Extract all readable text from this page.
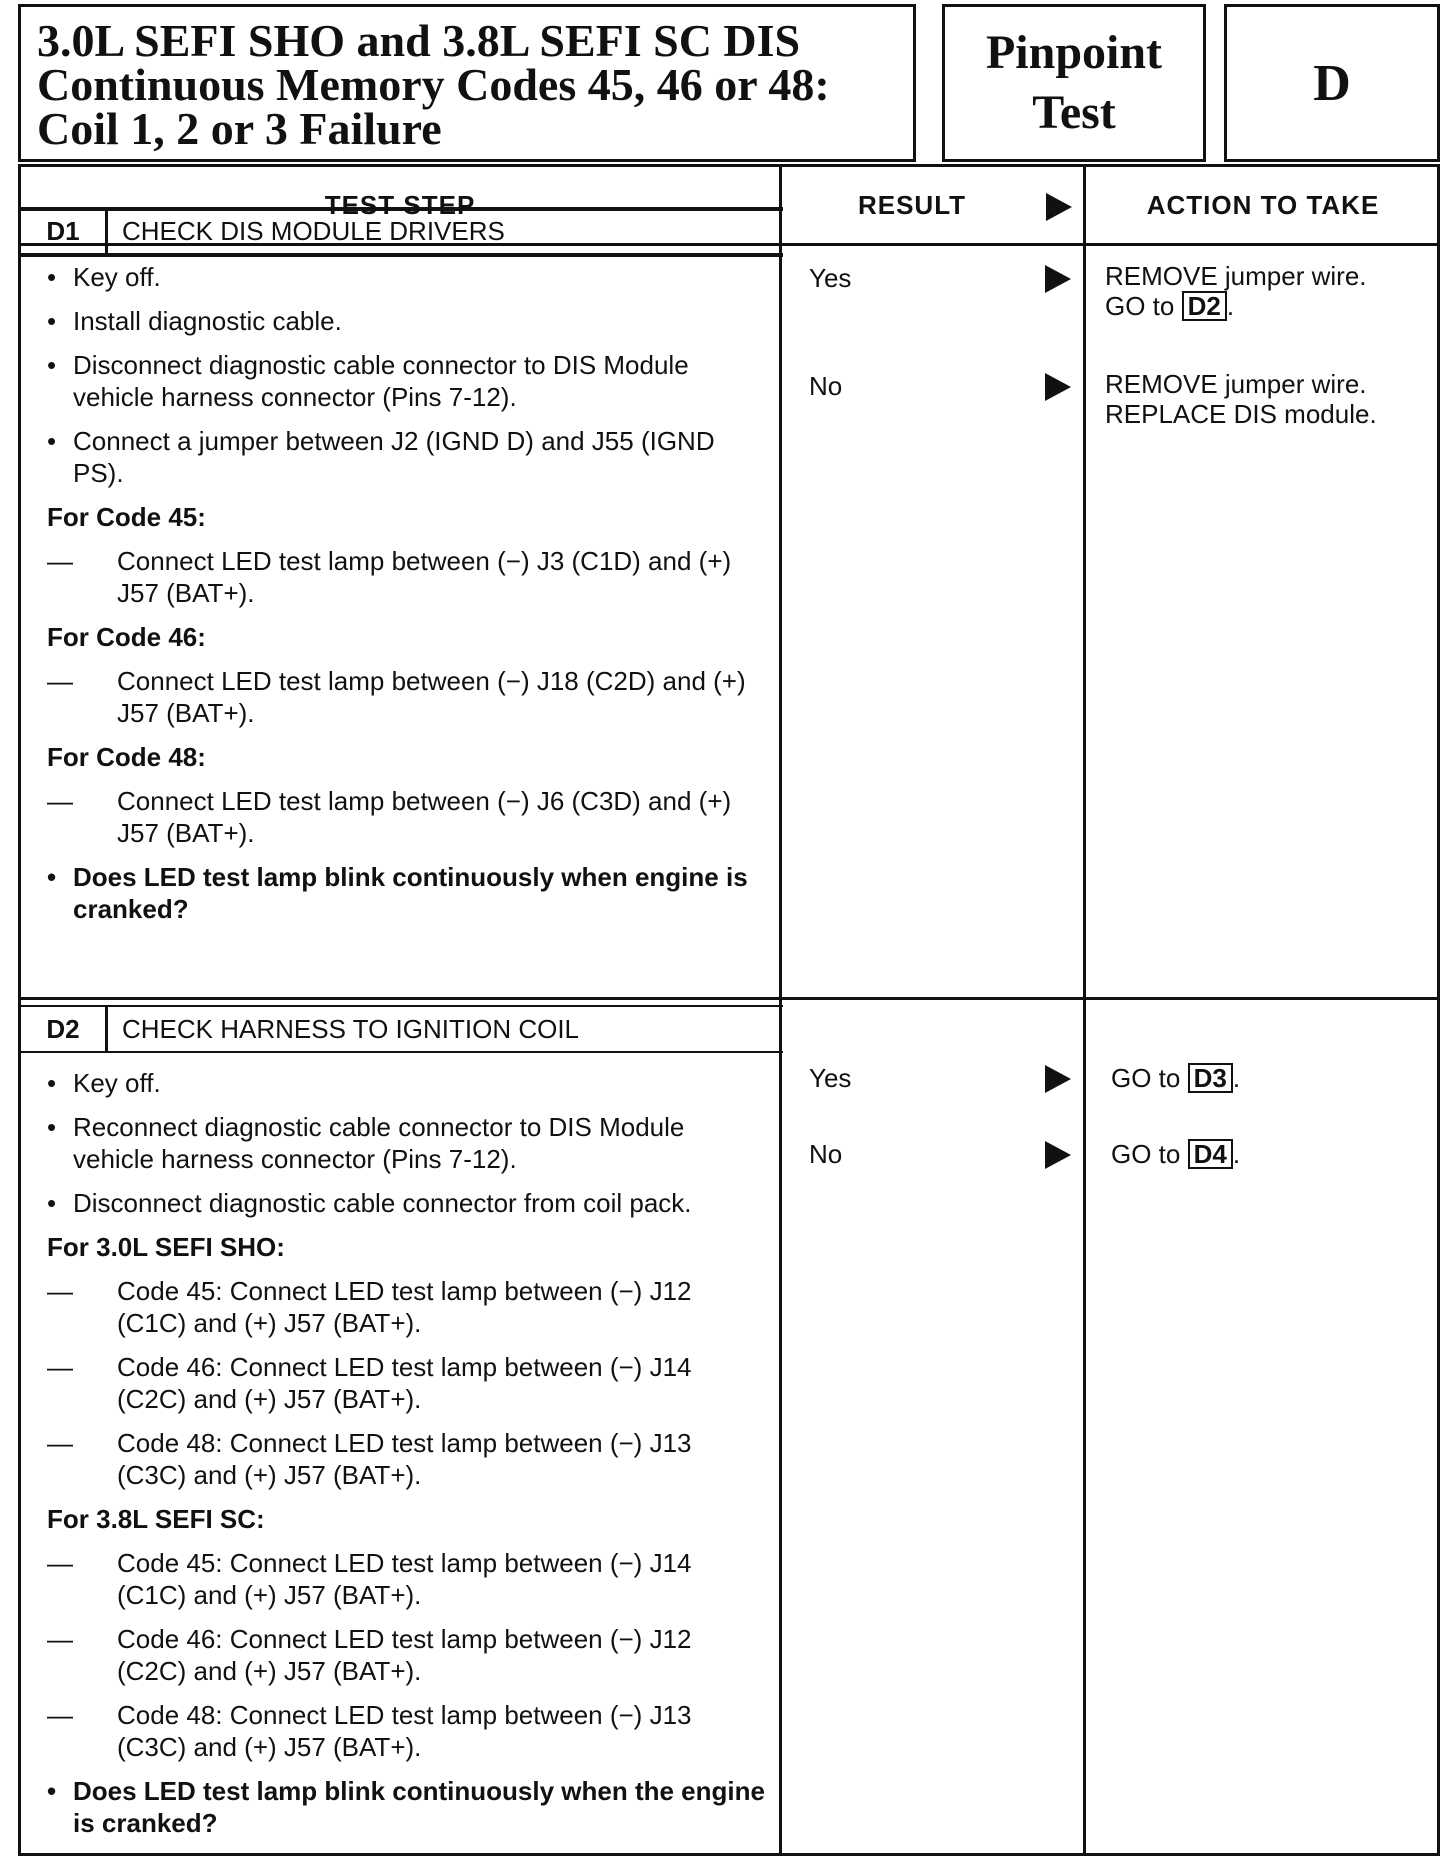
3.0L SEFI SHO and 3.8L SEFI SC DIS
Continuous Memory Codes 45, 46 or 48:
Coil 1, 2 or 3 Failure

Pinpoint
Test
D
TEST STEP	RESULT	ACTION TO TAKE
D1	CHECK DIS MODULE DRIVERS
• Key off.
• Install diagnostic cable.
• Disconnect diagnostic cable connector to DIS Module vehicle harness connector (Pins 7-12).
• Connect a jumper between J2 (IGND D) and J55 (IGND PS).
For Code 45:
— Connect LED test lamp between (−) J3 (C1D) and (+) J57 (BAT+).
For Code 46:
— Connect LED test lamp between (−) J18 (C2D) and (+) J57 (BAT+).
For Code 48:
— Connect LED test lamp between (−) J6 (C3D) and (+) J57 (BAT+).
• Does LED test lamp blink continuously when engine is cranked?
Yes	REMOVE jumper wire.
GO to D2 .
No	REMOVE jumper wire.
REPLACE DIS module.
D2	CHECK HARNESS TO IGNITION COIL
• Key off.
• Reconnect diagnostic cable connector to DIS Module vehicle harness connector (Pins 7-12).
• Disconnect diagnostic cable connector from coil pack.
For 3.0L SEFI SHO:
— Code 45: Connect LED test lamp between (−) J12 (C1C) and (+) J57 (BAT+).
— Code 46: Connect LED test lamp between (−) J14 (C2C) and (+) J57 (BAT+).
— Code 48: Connect LED test lamp between (−) J13 (C3C) and (+) J57 (BAT+).
For 3.8L SEFI SC:
— Code 45: Connect LED test lamp between (−) J14 (C1C) and (+) J57 (BAT+).
— Code 46: Connect LED test lamp between (−) J12 (C2C) and (+) J57 (BAT+).
— Code 48: Connect LED test lamp between (−) J13 (C3C) and (+) J57 (BAT+).
• Does LED test lamp blink continuously when the engine is cranked?
Yes	GO to D3 .
No	GO to D4 .
